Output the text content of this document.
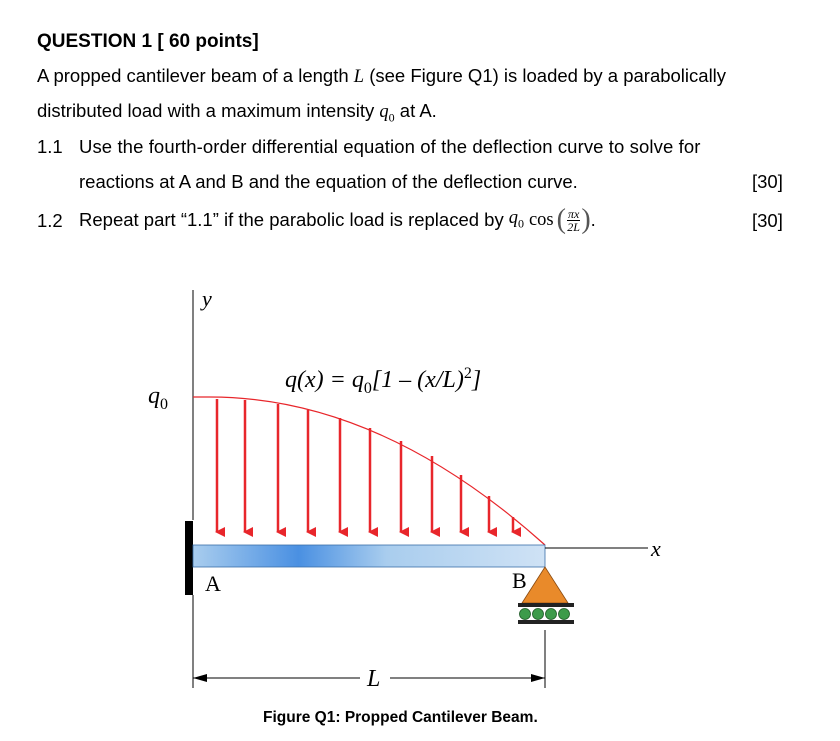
QUESTION 1 [ 60 points]
A propped cantilever beam of a length L (see Figure Q1) is loaded by a parabolically
distributed load with a maximum intensity $q_0$ at A.
1.1 Use the fourth-order differential equation of the deflection curve to solve for
reactions at A and B and the equation of the deflection curve.	[30]
1.2 Repeat part “1.1” if the parabolic load is replaced by $q_0$ cos ( $\frac{\pi x}{2L}$ ) .	[30]
y
$q_0$
$q(x) = q_0[1 - (x/L)^2]$
x
A	B
L
Figure Q1: Propped Cantilever Beam.
